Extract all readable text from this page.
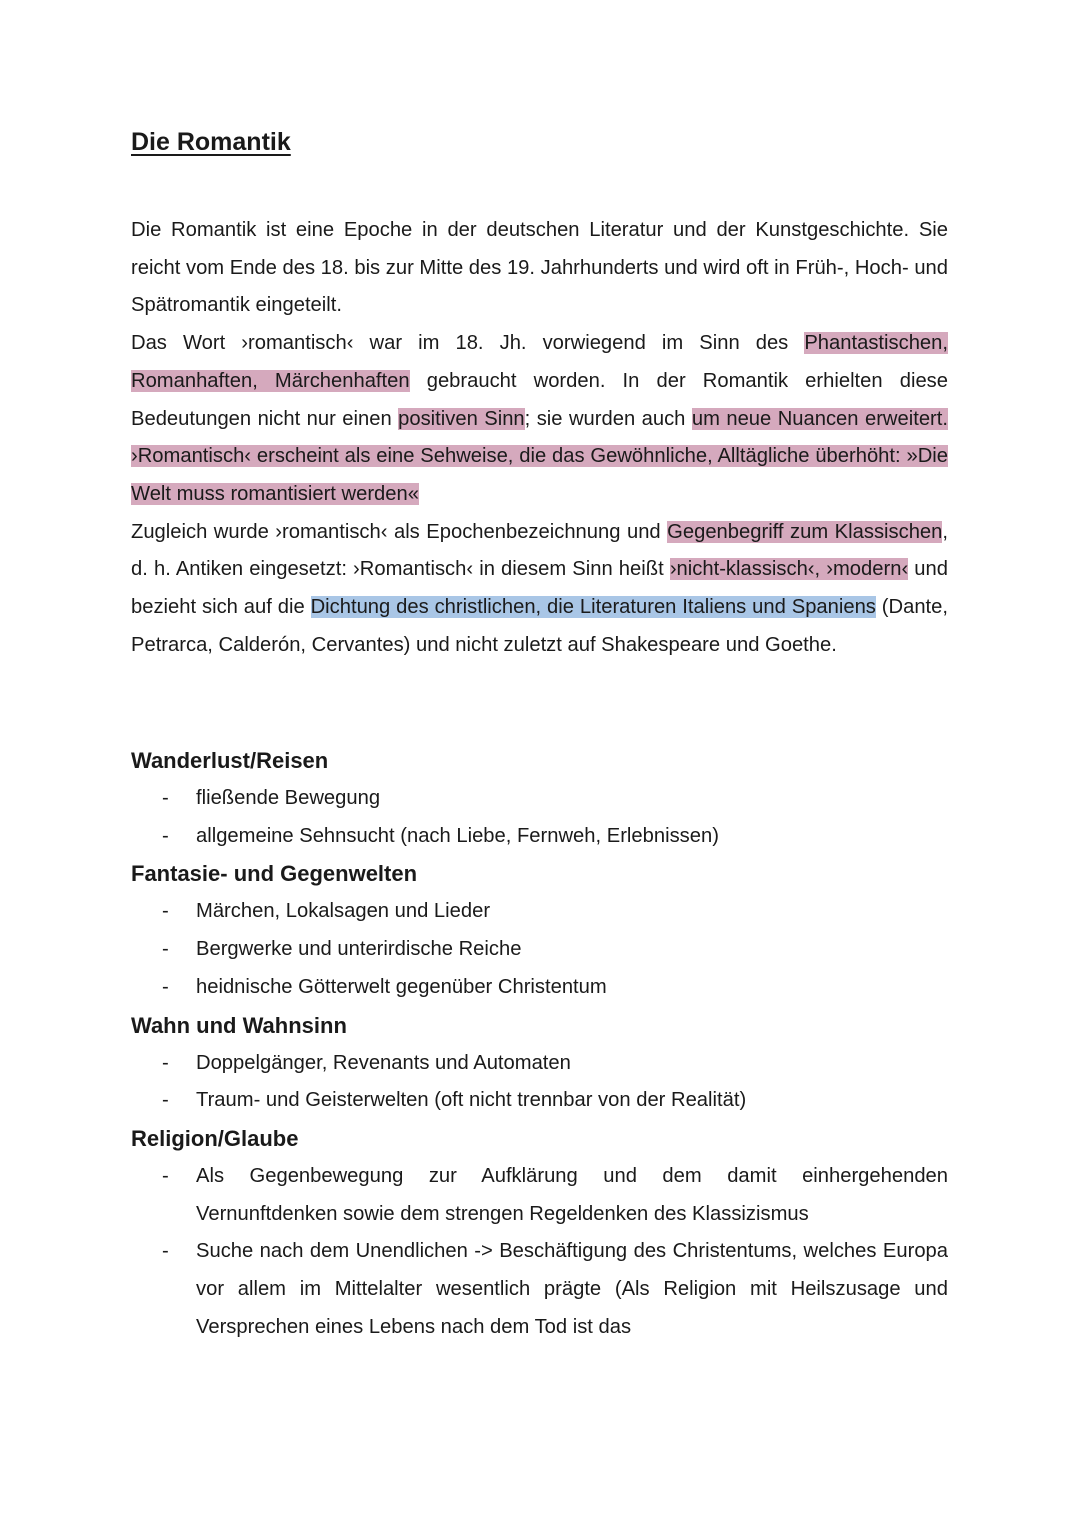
Die Romantik

Die Romantik ist eine Epoche in der deutschen Literatur und der Kunstgeschichte. Sie reicht vom Ende des 18. bis zur Mitte des 19. Jahrhunderts und wird oft in Früh-, Hoch- und Spätromantik eingeteilt.

Das Wort ›romantisch‹ war im 18. Jh. vorwiegend im Sinn des Phantastischen, Romanhaften, Märchenhaften gebraucht worden. In der Romantik erhielten diese Bedeutungen nicht nur einen positiven Sinn; sie wurden auch um neue Nuancen erweitert. ›Romantisch‹ erscheint als eine Sehweise, die das Gewöhnliche, Alltägliche überhöht: »Die Welt muss romantisiert werden«

Zugleich wurde ›romantisch‹ als Epochenbezeichnung und Gegenbegriff zum Klassischen, d. h. Antiken eingesetzt: ›Romantisch‹ in diesem Sinn heißt ›nicht-klassisch‹, ›modern‹ und bezieht sich auf die Dichtung des christlichen, die Literaturen Italiens und Spaniens (Dante, Petrarca, Calderón, Cervantes) und nicht zuletzt auf Shakespeare und Goethe.

Wanderlust/Reisen
- fließende Bewegung
- allgemeine Sehnsucht (nach Liebe, Fernweh, Erlebnissen)
Fantasie- und Gegenwelten
- Märchen, Lokalsagen und Lieder
- Bergwerke und unterirdische Reiche
- heidnische Götterwelt gegenüber Christentum
Wahn und Wahnsinn
- Doppelgänger, Revenants und Automaten
- Traum- und Geisterwelten (oft nicht trennbar von der Realität)
Religion/Glaube
- Als Gegenbewegung zur Aufklärung und dem damit einhergehenden Vernunftdenken sowie dem strengen Regeldenken des Klassizismus
- Suche nach dem Unendlichen -> Beschäftigung des Christentums, welches Europa vor allem im Mittelalter wesentlich prägte (Als Religion mit Heilszusage und Versprechen eines Lebens nach dem Tod ist das
